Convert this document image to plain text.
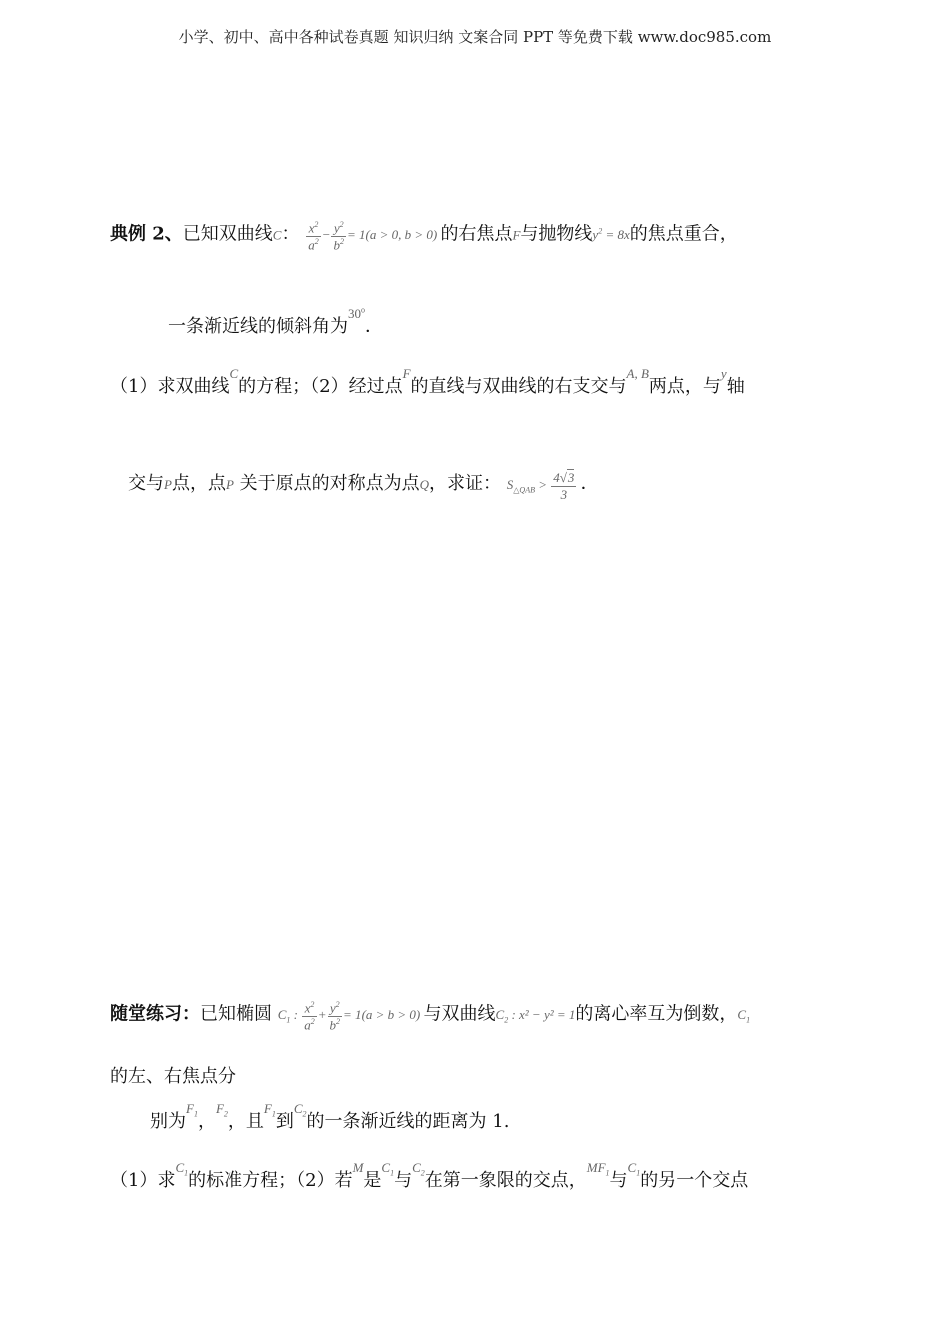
小学、初中、高中各种试卷真题 知识归纳 文案合同 PPT 等免费下载 www.doc985.com
典例 2、已知双曲线C： $\frac{x^2}{a^2} - \frac{y^2}{b^2} = 1(a > 0$, b > 0) 的右焦点F与抛物线$y^2 = 8x$的焦点重合，
一条渐近线的倾斜角为$^{30^o}$．
（1）求双曲线$^C$的方程；（2）经过点$^F$的直线与双曲线的右支交与$^{A, B}$两点，与$^y$轴
交与P点，点P 关于原点的对称点为点Q，求证： $S_{\triangle QAB} > \frac{4√3}{3}$ ．
随堂练习：已知椭圆 $C_1$ : $\frac{x^2}{a^2} + \frac{y^2}{b^2} = 1(a > b > 0)$ 与双曲线$C_2$ : x² − y² = 1的离心率互为倒数，$C_1$
的左、右焦点分
别为$^{F_1}$，$^{F_2}$，且$^{F_1}$到$^{C_2}$的一条渐近线的距离为 1.
（1）求$^{C_1}$的标准方程；（2）若$^M$是$^{C_1}$与$^{C_2}$在第一象限的交点，$^{MF_1}$与$^{C_1}$的另一个交点
